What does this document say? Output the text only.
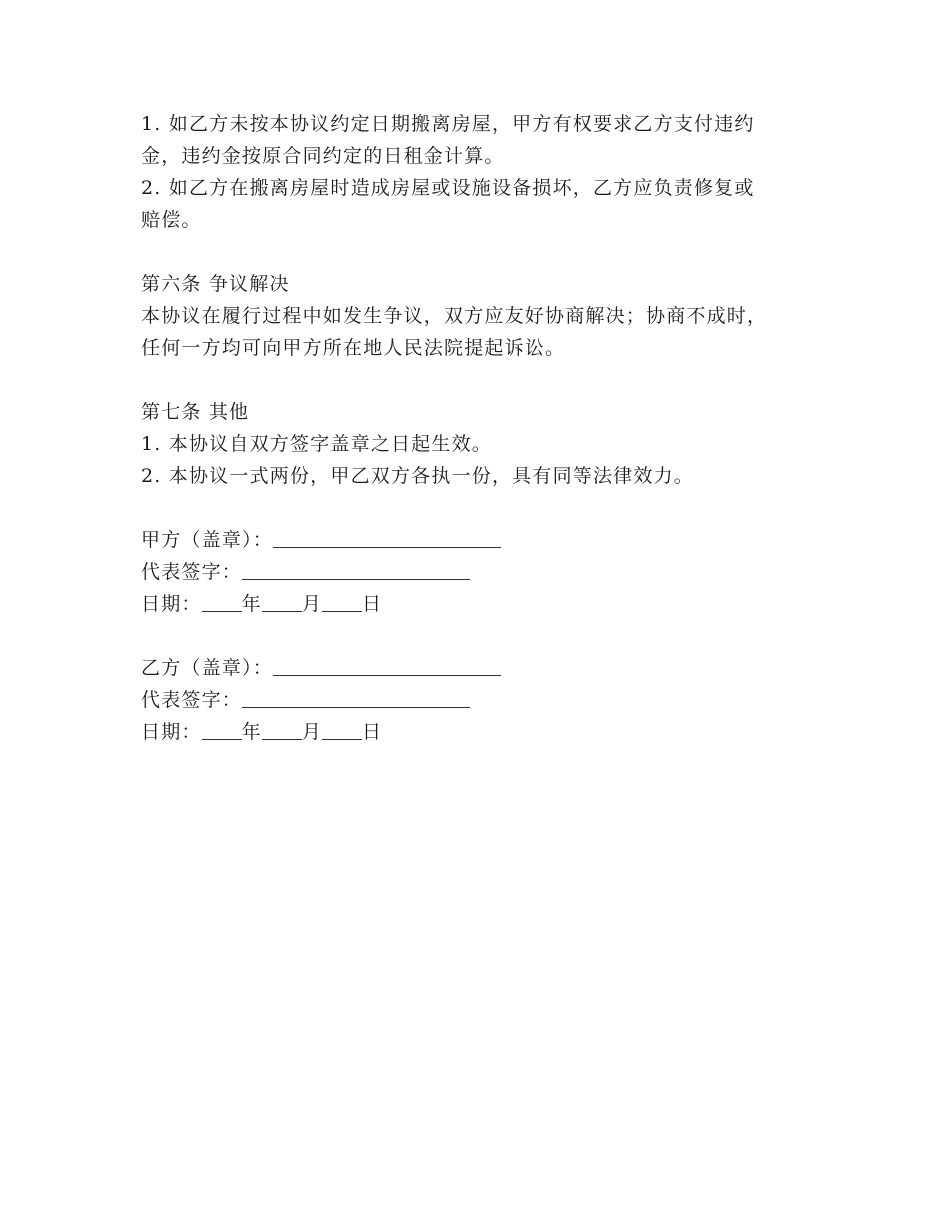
1. 如乙方未按本协议约定日期搬离房屋，甲方有权要求乙方支付违约
金，违约金按原合同约定的日租金计算。
2. 如乙方在搬离房屋时造成房屋或设施设备损坏，乙方应负责修复或
赔偿。
第六条 争议解决
本协议在履行过程中如发生争议，双方应友好协商解决；协商不成时，
任何一方均可向甲方所在地人民法院提起诉讼。
第七条 其他
1. 本协议自双方签字盖章之日起生效。
2. 本协议一式两份，甲乙双方各执一份，具有同等法律效力。
甲方（盖章）：
代表签字：
日期： 年 月 日
乙方（盖章）：
代表签字：
日期： 年 月 日
